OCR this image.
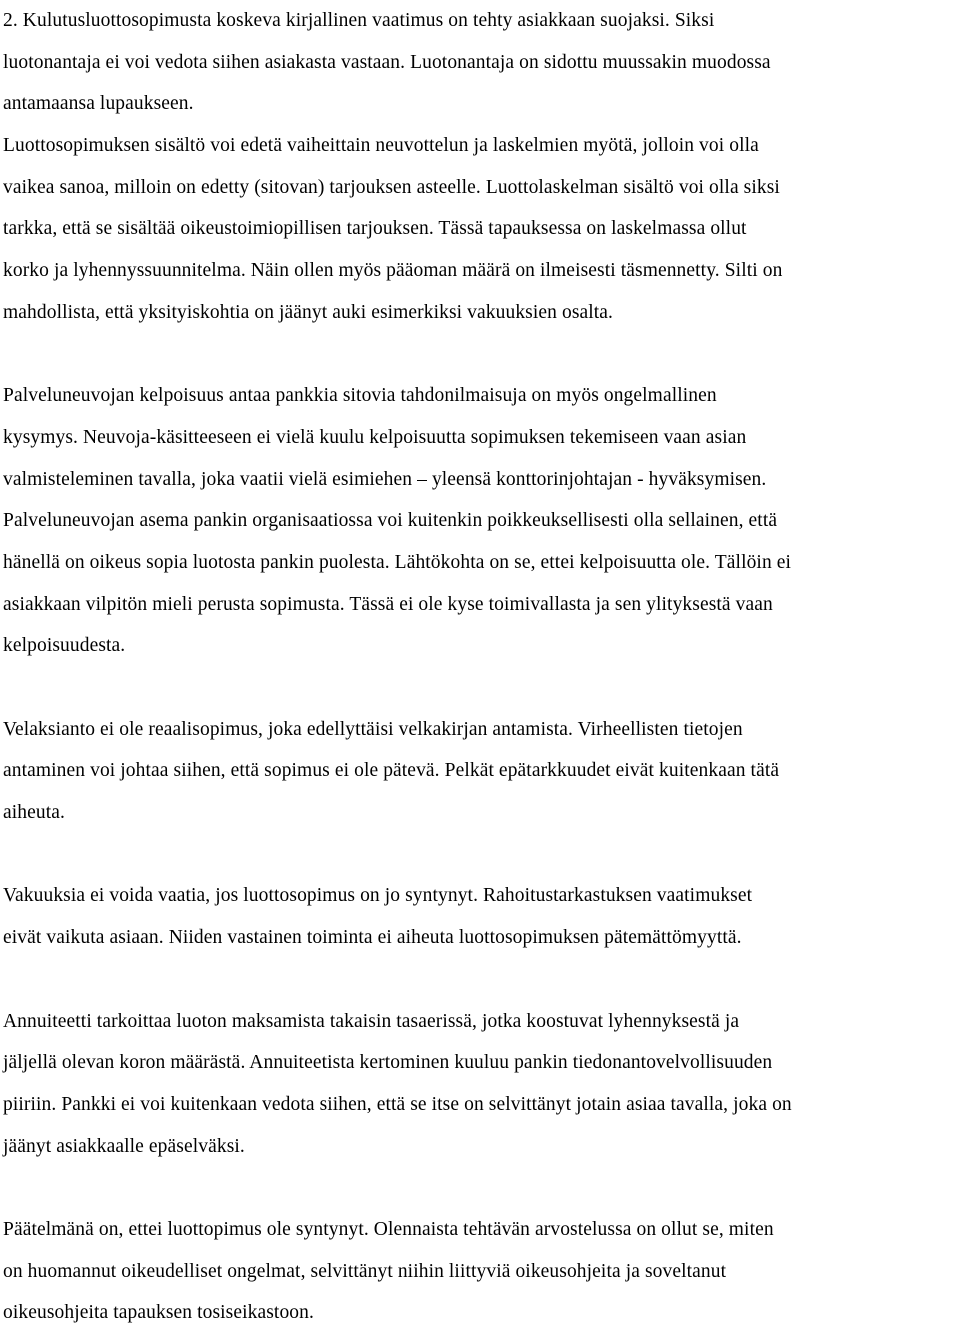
2. Kulutusluottosopimusta koskeva kirjallinen vaatimus on tehty asiakkaan suojaksi. Siksi
luotonantaja ei voi vedota siihen asiakasta vastaan. Luotonantaja on sidottu muussakin muodossa
antamaansa lupaukseen.
Luottosopimuksen sisältö voi edetä vaiheittain neuvottelun ja laskelmien myötä, jolloin voi olla
vaikea sanoa, milloin on edetty (sitovan) tarjouksen asteelle. Luottolaskelman sisältö voi olla siksi
tarkka, että se sisältää oikeustoimiopillisen tarjouksen. Tässä tapauksessa on laskelmassa ollut
korko ja lyhennyssuunnitelma. Näin ollen myös pääoman määrä on ilmeisesti täsmennetty. Silti on
mahdollista, että yksityiskohtia on jäänyt auki esimerkiksi vakuuksien osalta.
Palveluneuvojan kelpoisuus antaa pankkia sitovia tahdonilmaisuja on myös ongelmallinen
kysymys. Neuvoja-käsitteeseen ei vielä kuulu kelpoisuutta sopimuksen tekemiseen vaan asian
valmisteleminen tavalla, joka vaatii vielä esimiehen – yleensä konttorinjohtajan - hyväksymisen.
Palveluneuvojan asema pankin organisaatiossa voi kuitenkin poikkeuksellisesti olla sellainen, että
hänellä on oikeus sopia luotosta pankin puolesta. Lähtökohta on se, ettei kelpoisuutta ole. Tällöin ei
asiakkaan vilpitön mieli perusta sopimusta. Tässä ei ole kyse toimivallasta ja sen ylityksestä vaan
kelpoisuudesta.
Velaksianto ei ole reaalisopimus, joka edellyttäisi velkakirjan antamista. Virheellisten tietojen
antaminen voi johtaa siihen, että sopimus ei ole pätevä. Pelkät epätarkkuudet eivät kuitenkaan tätä
aiheuta.
Vakuuksia ei voida vaatia, jos luottosopimus on jo syntynyt. Rahoitustarkastuksen vaatimukset
eivät vaikuta asiaan. Niiden vastainen toiminta ei aiheuta luottosopimuksen pätemättömyyttä.
Annuiteetti tarkoittaa luoton maksamista takaisin tasaerissä, jotka koostuvat lyhennyksestä ja
jäljellä olevan koron määrästä. Annuiteetista kertominen kuuluu pankin tiedonantovelvollisuuden
piiriin. Pankki ei voi kuitenkaan vedota siihen, että se itse on selvittänyt jotain asiaa tavalla, joka on
jäänyt asiakkaalle epäselväksi.
Päätelmänä on, ettei luottopimus ole syntynyt. Olennaista tehtävän arvostelussa on ollut se, miten
on huomannut oikeudelliset ongelmat, selvittänyt niihin liittyviä oikeusohjeita ja soveltanut
oikeusohjeita tapauksen tosiseikastoon.
